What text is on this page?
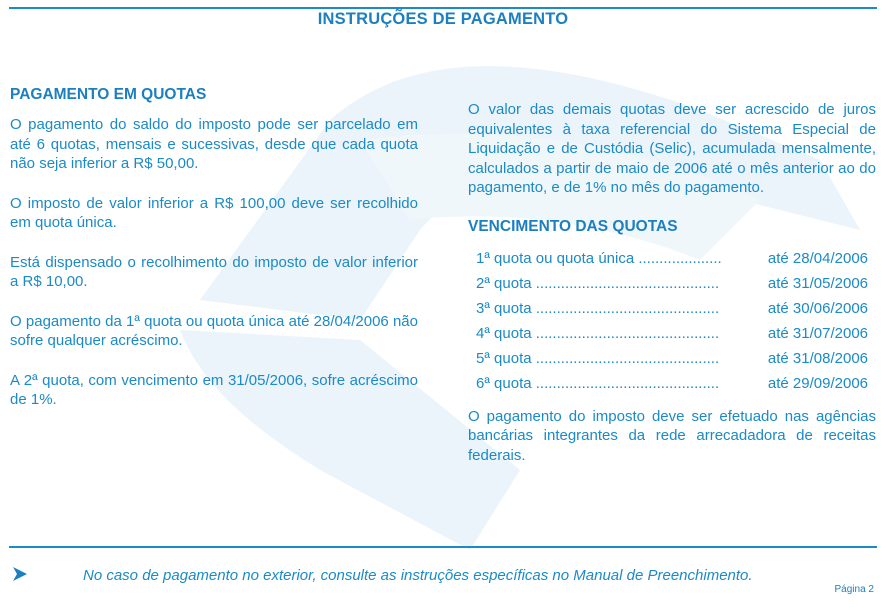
INSTRUÇÕES DE PAGAMENTO
PAGAMENTO EM QUOTAS

O pagamento do saldo do imposto pode ser parcelado em até 6 quotas, mensais e sucessivas, desde que cada quota não seja inferior a R$ 50,00.

O imposto de valor inferior a R$ 100,00 deve ser recolhido em quota única.

Está dispensado o recolhimento do imposto de valor inferior a R$ 10,00.

O pagamento da 1ª quota ou quota única até 28/04/2006 não sofre qualquer acréscimo.

A 2ª quota, com vencimento em 31/05/2006, sofre acréscimo de 1%.

O valor das demais quotas deve ser acrescido de juros equivalentes à taxa referencial do Sistema Especial de Liquidação e de Custódia (Selic), acumulada mensalmente, calculados a partir de maio de 2006 até o mês anterior ao do pagamento, e de 1% no mês do pagamento.

VENCIMENTO DAS QUOTAS
1ª quota ou quota única ....................	até 28/04/2006
2ª quota ............................................	até 31/05/2006
3ª quota ............................................	até 30/06/2006
4ª quota ............................................	até 31/07/2006
5ª quota ............................................	até 31/08/2006
6ª quota ............................................	até 29/09/2006

O pagamento do imposto deve ser efetuado nas agências bancárias integrantes da rede arrecadadora de receitas federais.

No caso de pagamento no exterior, consulte as instruções específicas no Manual de Preenchimento.
Página 2
